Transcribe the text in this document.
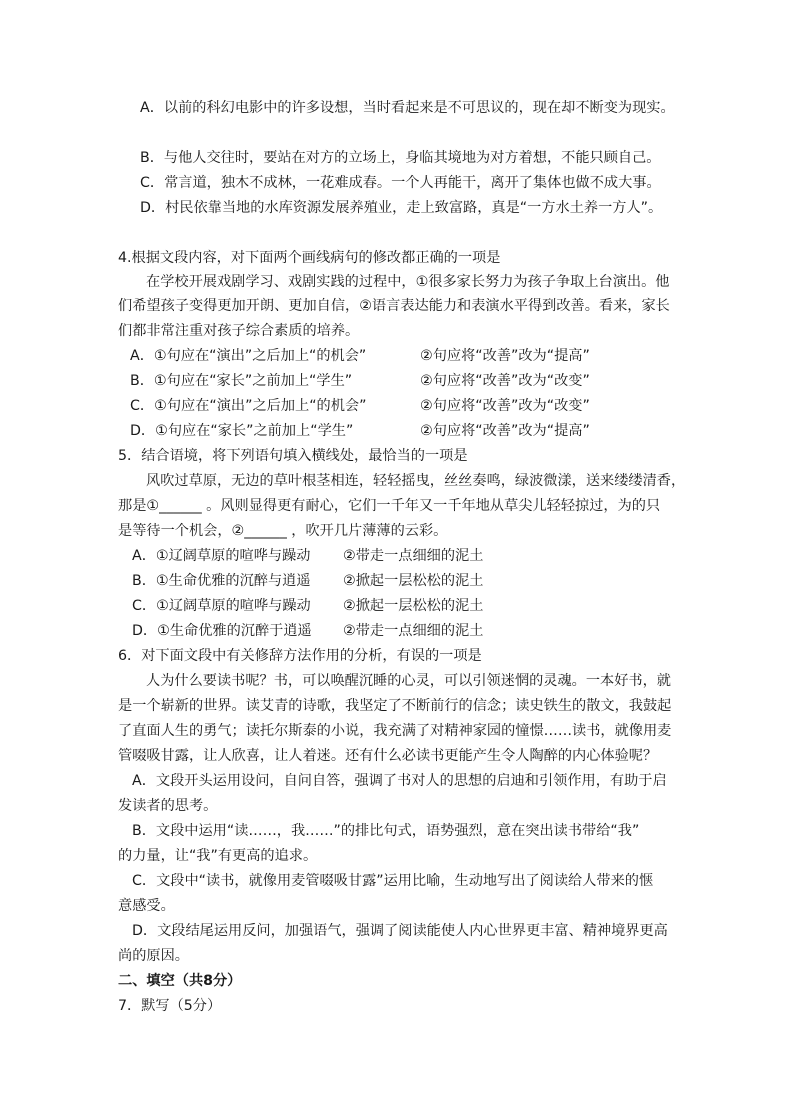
A．以前的科幻电影中的许多设想，当时看起来是不可思议的，现在却不断变为现实。
B．与他人交往时，要站在对方的立场上，身临其境地为对方着想，不能只顾自己。
C．常言道，独木不成林，一花难成春。一个人再能干，离开了集体也做不成大事。
D．村民依靠当地的水库资源发展养殖业，走上致富路，真是“一方水土养一方人”。
4.根据文段内容，对下面两个画线病句的修改都正确的一项是
在学校开展戏剧学习、戏剧实践的过程中，①很多家长努力为孩子争取上台演出。他
们希望孩子变得更加开朗、更加自信，②语言表达能力和表演水平得到改善。看来，家长
们都非常注重对孩子综合素质的培养。
A．①句应在“演出”之后加上“的机会”	②句应将“改善”改为“提高”
B．①句应在“家长”之前加上“学生”	②句应将“改善”改为“改变”
C．①句应在“演出”之后加上“的机会”	②句应将“改善”改为“改变”
D．①句应在“家长”之前加上“学生”	②句应将“改善”改为“提高”
5．结合语境，将下列语句填入横线处，最恰当的一项是
风吹过草原，无边的草叶根茎相连，轻轻摇曳，丝丝奏鸣，绿波微漾，送来缕缕清香，
那是①______ 。风则显得更有耐心，它们一千年又一千年地从草尖儿轻轻掠过，为的只
是等待一个机会，②______ ，吹开几片薄薄的云彩。
A．①辽阔草原的喧哗与躁动 ②带走一点细细的泥土
B．①生命优雅的沉醉与逍遥 ②掀起一层松松的泥土
C．①辽阔草原的喧哗与躁动 ②掀起一层松松的泥土
D．①生命优雅的沉醉于逍遥 ②带走一点细细的泥土
6．对下面文段中有关修辞方法作用的分析，有误的一项是
人为什么要读书呢？书，可以唤醒沉睡的心灵，可以引领迷惘的灵魂。一本好书，就
是一个崭新的世界。读艾青的诗歌，我坚定了不断前行的信念；读史铁生的散文，我鼓起
了直面人生的勇气；读托尔斯泰的小说，我充满了对精神家园的憧憬……读书，就像用麦
管啜吸甘露，让人欣喜，让人着迷。还有什么必读书更能产生令人陶醉的内心体验呢？
A．文段开头运用设问，自问自答，强调了书对人的思想的启迪和引领作用，有助于启
发读者的思考。
B．文段中运用“读……，我……”的排比句式，语势强烈，意在突出读书带给“我”
的力量，让“我”有更高的追求。
C．文段中“读书，就像用麦管啜吸甘露”运用比喻，生动地写出了阅读给人带来的惬
意感受。
D．文段结尾运用反问，加强语气，强调了阅读能使人内心世界更丰富、精神境界更高
尚的原因。
二、填空（共8分）
7．默写（5分）
